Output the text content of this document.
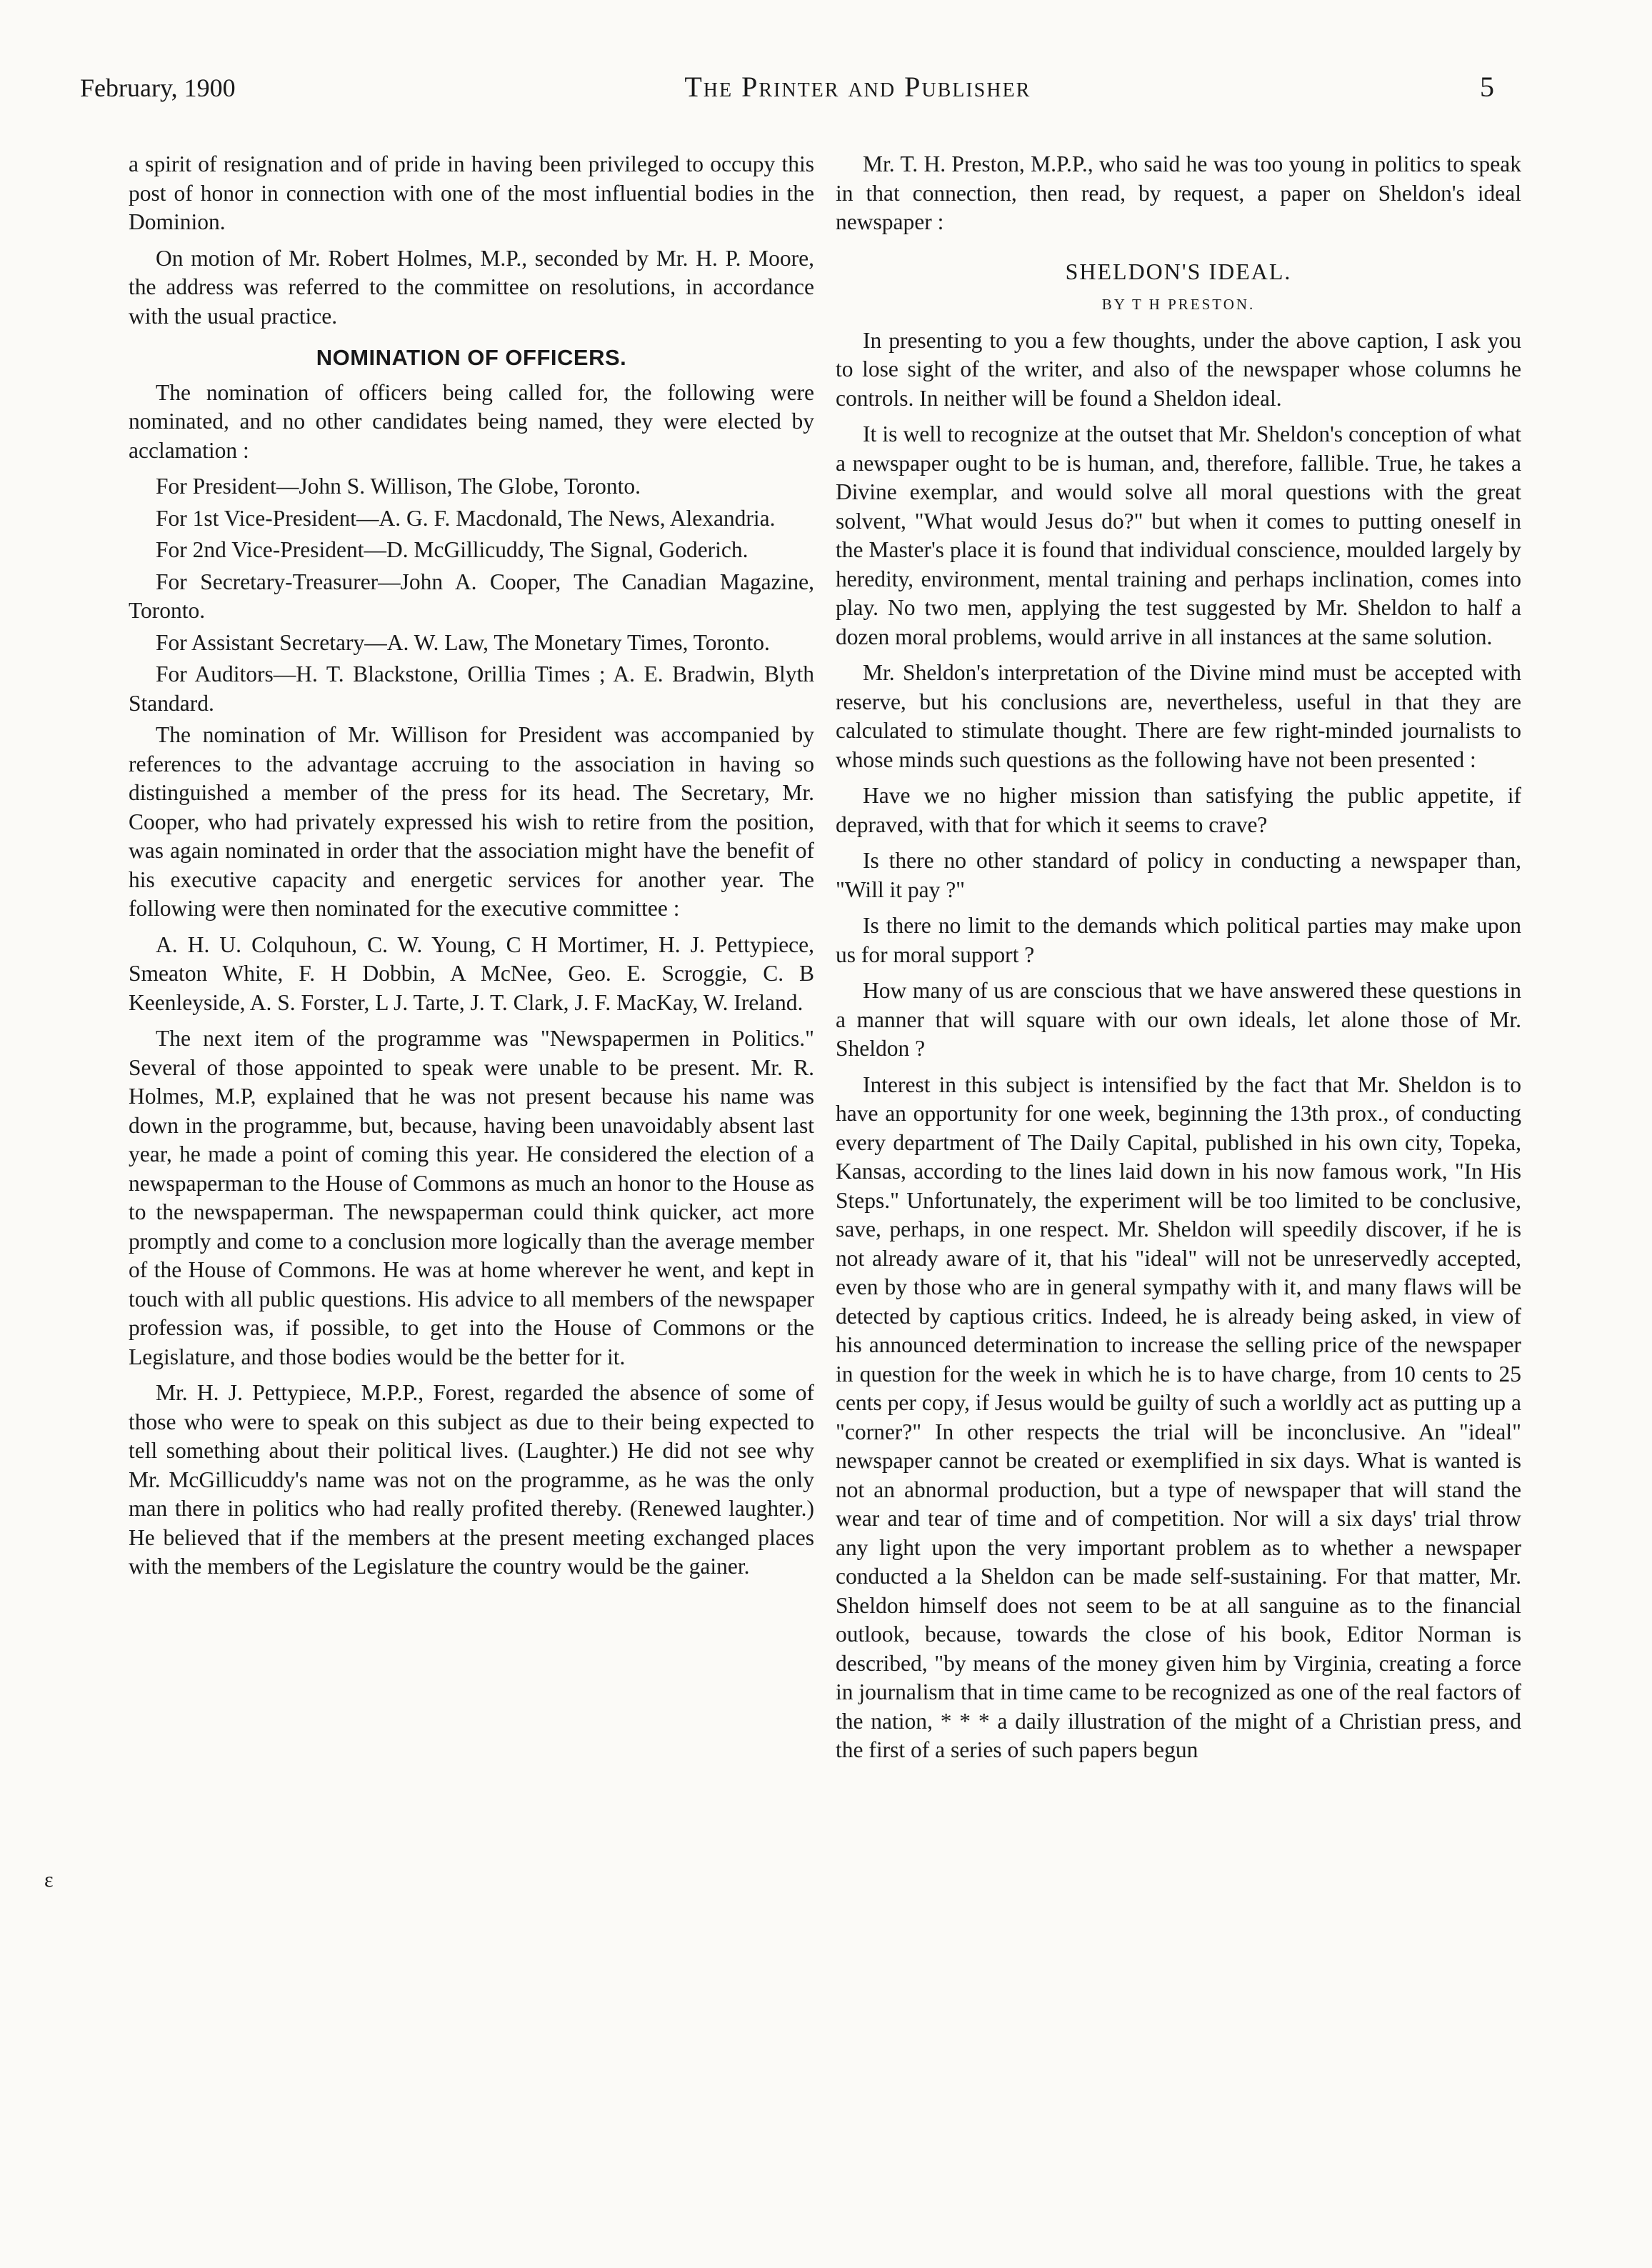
February, 1900	The Printer and Publisher	5

a spirit of resignation and of pride in having been privileged to occupy this post of honor in connection with one of the most influential bodies in the Dominion.

On motion of Mr. Robert Holmes, M.P., seconded by Mr. H. P. Moore, the address was referred to the committee on resolutions, in accordance with the usual practice.

NOMINATION OF OFFICERS.

The nomination of officers being called for, the following were nominated, and no other candidates being named, they were elected by acclamation :

For President—John S. Willison, The Globe, Toronto.

For 1st Vice-President—A. G. F. Macdonald, The News, Alexandria.

For 2nd Vice-President—D. McGillicuddy, The Signal, Goderich.

For Secretary-Treasurer—John A. Cooper, The Canadian Magazine, Toronto.

For Assistant Secretary—A. W. Law, The Monetary Times, Toronto.

For Auditors—H. T. Blackstone, Orillia Times ; A. E. Bradwin, Blyth Standard.

The nomination of Mr. Willison for President was accompanied by references to the advantage accruing to the association in having so distinguished a member of the press for its head. The Secretary, Mr. Cooper, who had privately expressed his wish to retire from the position, was again nominated in order that the association might have the benefit of his executive capacity and energetic services for another year. The following were then nominated for the executive committee :

A. H. U. Colquhoun, C. W. Young, C H Mortimer, H. J. Pettypiece, Smeaton White, F. H Dobbin, A McNee, Geo. E. Scroggie, C. B Keenleyside, A. S. Forster, L J. Tarte, J. T. Clark, J. F. MacKay, W. Ireland.

The next item of the programme was "Newspapermen in Politics." Several of those appointed to speak were unable to be present. Mr. R. Holmes, M.P, explained that he was not present because his name was down in the programme, but, because, having been unavoidably absent last year, he made a point of coming this year. He considered the election of a newspaperman to the House of Commons as much an honor to the House as to the newspaperman. The newspaperman could think quicker, act more promptly and come to a conclusion more logically than the average member of the House of Commons. He was at home wherever he went, and kept in touch with all public questions. His advice to all members of the newspaper profession was, if possible, to get into the House of Commons or the Legislature, and those bodies would be the better for it.

Mr. H. J. Pettypiece, M.P.P., Forest, regarded the absence of some of those who were to speak on this subject as due to their being expected to tell something about their political lives. (Laughter.) He did not see why Mr. McGillicuddy's name was not on the programme, as he was the only man there in politics who had really profited thereby. (Renewed laughter.) He believed that if the members at the present meeting exchanged places with the members of the Legislature the country would be the gainer.

Mr. T. H. Preston, M.P.P., who said he was too young in politics to speak in that connection, then read, by request, a paper on Sheldon's ideal newspaper :

SHELDON'S IDEAL.
BY T H PRESTON.

In presenting to you a few thoughts, under the above caption, I ask you to lose sight of the writer, and also of the newspaper whose columns he controls. In neither will be found a Sheldon ideal.

It is well to recognize at the outset that Mr. Sheldon's conception of what a newspaper ought to be is human, and, therefore, fallible. True, he takes a Divine exemplar, and would solve all moral questions with the great solvent, "What would Jesus do?" but when it comes to putting oneself in the Master's place it is found that individual conscience, moulded largely by heredity, environment, mental training and perhaps inclination, comes into play. No two men, applying the test suggested by Mr. Sheldon to half a dozen moral problems, would arrive in all instances at the same solution.

Mr. Sheldon's interpretation of the Divine mind must be accepted with reserve, but his conclusions are, nevertheless, useful in that they are calculated to stimulate thought. There are few right-minded journalists to whose minds such questions as the following have not been presented :

Have we no higher mission than satisfying the public appetite, if depraved, with that for which it seems to crave?

Is there no other standard of policy in conducting a newspaper than, "Will it pay ?"

Is there no limit to the demands which political parties may make upon us for moral support ?

How many of us are conscious that we have answered these questions in a manner that will square with our own ideals, let alone those of Mr. Sheldon ?

Interest in this subject is intensified by the fact that Mr. Sheldon is to have an opportunity for one week, beginning the 13th prox., of conducting every department of The Daily Capital, published in his own city, Topeka, Kansas, according to the lines laid down in his now famous work, "In His Steps." Unfortunately, the experiment will be too limited to be conclusive, save, perhaps, in one respect. Mr. Sheldon will speedily discover, if he is not already aware of it, that his "ideal" will not be unreservedly accepted, even by those who are in general sympathy with it, and many flaws will be detected by captious critics. Indeed, he is already being asked, in view of his announced determination to increase the selling price of the newspaper in question for the week in which he is to have charge, from 10 cents to 25 cents per copy, if Jesus would be guilty of such a worldly act as putting up a "corner?" In other respects the trial will be inconclusive. An "ideal" newspaper cannot be created or exemplified in six days. What is wanted is not an abnormal production, but a type of newspaper that will stand the wear and tear of time and of competition. Nor will a six days' trial throw any light upon the very important problem as to whether a newspaper conducted a la Sheldon can be made self-sustaining. For that matter, Mr. Sheldon himself does not seem to be at all sanguine as to the financial outlook, because, towards the close of his book, Editor Norman is described, "by means of the money given him by Virginia, creating a force in journalism that in time came to be recognized as one of the real factors of the nation, * * * a daily illustration of the might of a Christian press, and the first of a series of such papers begun

ε
